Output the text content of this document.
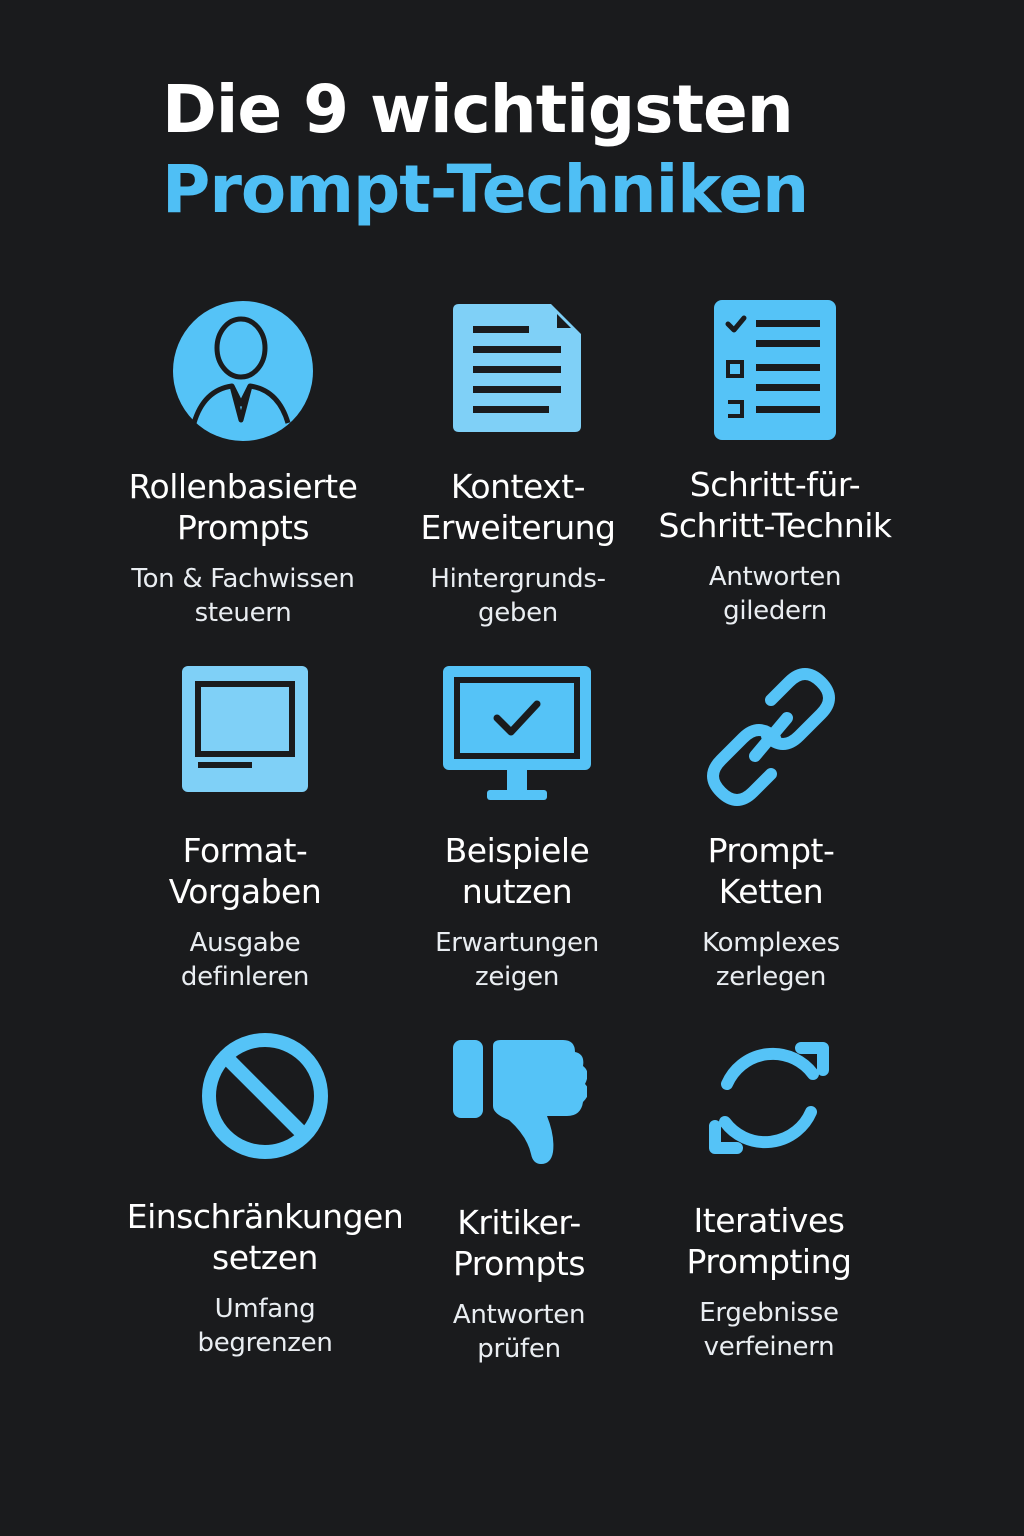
Die 9 wichtigsten
Prompt-Techniken
Rollenbasierte
Prompts
Ton & Fachwissen
steuern
Kontext-
Erweiterung
Hintergrunds-
geben
Schritt-für-
Schritt-Technik
Antworten
giledern
Format-
Vorgaben
Ausgabe
definleren
Beispiele
nutzen
Erwartungen
zeigen
Prompt-
Ketten
Komplexes
zerlegen
Einschränkungen
setzen
Umfang
begrenzen
Kritiker-
Prompts
Antworten
prüfen
Iteratives
Prompting
Ergebnisse
verfeinern
